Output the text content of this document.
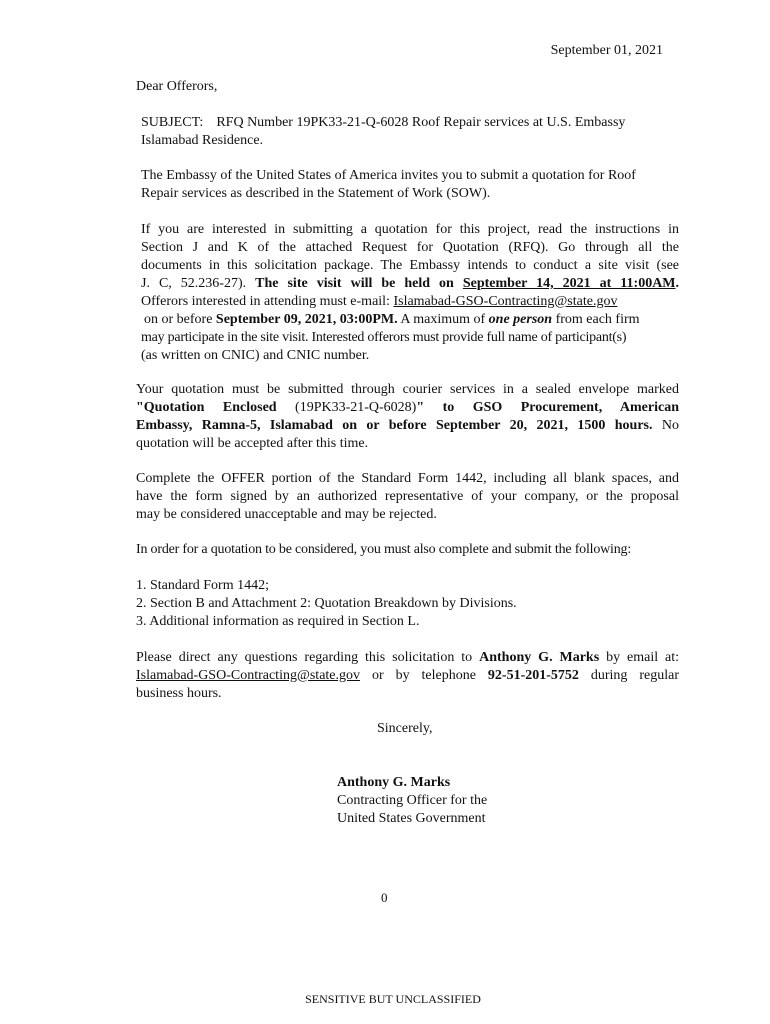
September 01, 2021

Dear Offerors,

SUBJECT: RFQ Number 19PK33-21-Q-6028 Roof Repair services at U.S. Embassy

Islamabad Residence.

The Embassy of the United States of America invites you to submit a quotation for Roof

Repair services as described in the Statement of Work (SOW).

If you are interested in submitting a quotation for this project, read the instructions in

Section J and K of the attached Request for Quotation (RFQ). Go through all the

documents in this solicitation package. The Embassy intends to conduct a site visit (see

J. C, 52.236-27). The site visit will be held on September 14, 2021 at 11:00AM.

Offerors interested in attending must e-mail: Islamabad-GSO-Contracting@state.gov

on or before September 09, 2021, 03:00PM. A maximum of one person from each firm

may participate in the site visit. Interested offerors must provide full name of participant(s)

(as written on CNIC) and CNIC number.

Your quotation must be submitted through courier services in a sealed envelope marked

"Quotation Enclosed (19PK33-21-Q-6028)" to GSO Procurement, American

Embassy, Ramna-5, Islamabad on or before September 20, 2021, 1500 hours. No

quotation will be accepted after this time.

Complete the OFFER portion of the Standard Form 1442, including all blank spaces, and

have the form signed by an authorized representative of your company, or the proposal

may be considered unacceptable and may be rejected.

In order for a quotation to be considered, you must also complete and submit the following:

1. Standard Form 1442;

2. Section B and Attachment 2: Quotation Breakdown by Divisions.

3. Additional information as required in Section L.

Please direct any questions regarding this solicitation to Anthony G. Marks by email at:

Islamabad-GSO-Contracting@state.gov or by telephone 92-51-201-5752 during regular

business hours.

Sincerely,

Anthony G. Marks

Contracting Officer for the

United States Government

0

SENSITIVE BUT UNCLASSIFIED
